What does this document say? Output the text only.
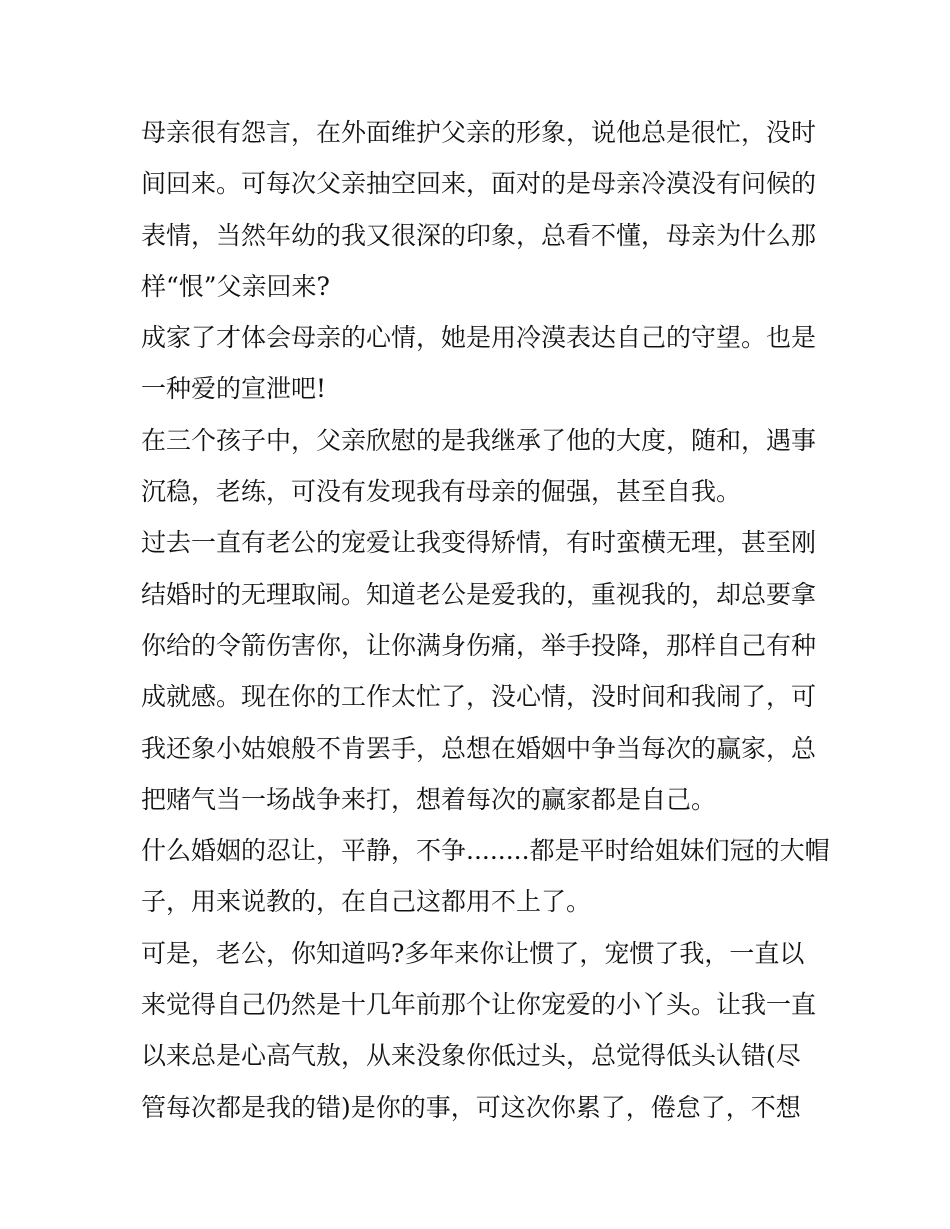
母亲很有怨言，在外面维护父亲的形象，说他总是很忙，没时
间回来。可每次父亲抽空回来，面对的是母亲冷漠没有问候的
表情，当然年幼的我又很深的印象，总看不懂，母亲为什么那
样“恨”父亲回来?
成家了才体会母亲的心情，她是用冷漠表达自己的守望。也是
一种爱的宣泄吧!
在三个孩子中，父亲欣慰的是我继承了他的大度，随和，遇事
沉稳，老练，可没有发现我有母亲的倔强，甚至自我。
过去一直有老公的宠爱让我变得矫情，有时蛮横无理，甚至刚
结婚时的无理取闹。知道老公是爱我的，重视我的，却总要拿
你给的令箭伤害你，让你满身伤痛，举手投降，那样自己有种
成就感。现在你的工作太忙了，没心情，没时间和我闹了，可
我还象小姑娘般不肯罢手，总想在婚姻中争当每次的赢家，总
把赌气当一场战争来打，想着每次的赢家都是自己。
什么婚姻的忍让，平静，不争........都是平时给姐妹们冠的大帽
子，用来说教的，在自己这都用不上了。
可是，老公，你知道吗?多年来你让惯了，宠惯了我，一直以
来觉得自己仍然是十几年前那个让你宠爱的小丫头。让我一直
以来总是心高气敖，从来没象你低过头，总觉得低头认错(尽
管每次都是我的错)是你的事，可这次你累了，倦怠了，不想
